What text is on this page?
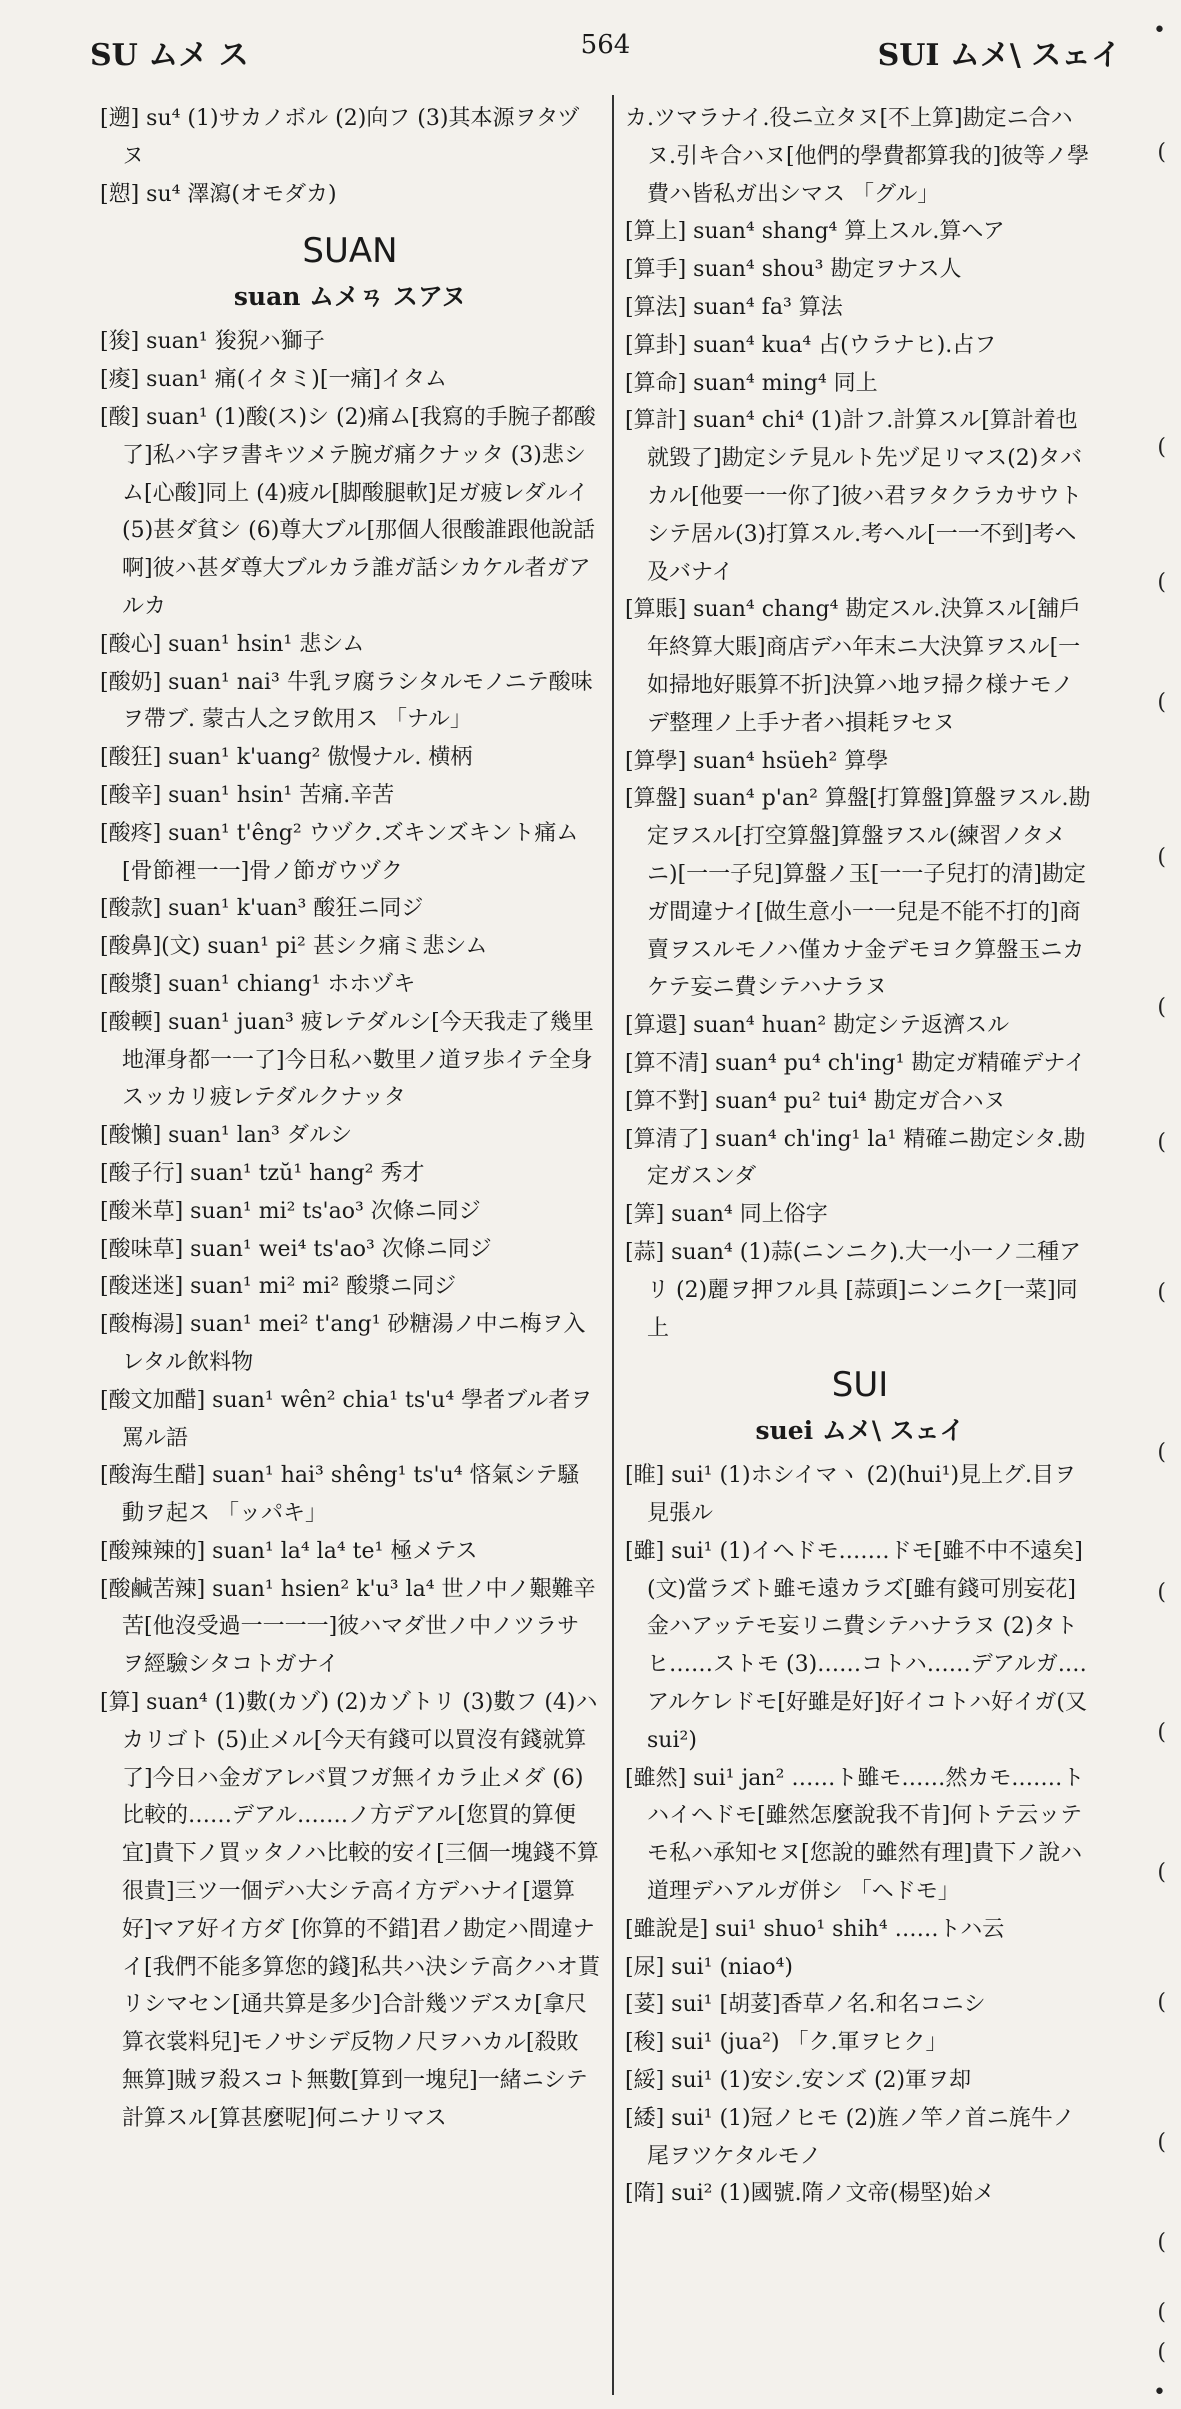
SU ムメ ス	564	SUI ムメ\ スェイ

[遡] su⁴ (1)サカノボル (2)向フ (3)其本源ヲタヅヌ

[愬] su⁴ 澤瀉(オモダカ)

SUAN
suan ムメㄢ スアヌ

[狻] suan¹ 狻猊ハ獅子

[痠] suan¹ 痛(イタミ)[一痛]イタム

[酸] suan¹ (1)酸(ス)シ (2)痛ム[我寫的手腕子都酸了]私ハ字ヲ書キツメテ腕ガ痛クナッタ (3)悲シム[心酸]同上 (4)疲ル[脚酸腿軟]足ガ疲レダルイ (5)甚ダ貧シ (6)尊大ブル[那個人很酸誰跟他說話啊]彼ハ甚ダ尊大ブルカラ誰ガ話シカケル者ガアルカ

[酸心] suan¹ hsin¹ 悲シム

[酸奶] suan¹ nai³ 牛乳ヲ腐ラシタルモノニテ酸味ヲ帶ブ. 蒙古人之ヲ飲用ス 「ナル」

[酸狂] suan¹ k'uang² 傲慢ナル. 横柄

[酸辛] suan¹ hsin¹ 苦痛.辛苦

[酸疼] suan¹ t'êng² ウヅク.ズキンズキント痛ム [骨節裡一一]骨ノ節ガウヅク

[酸款] suan¹ k'uan³ 酸狂ニ同ジ

[酸鼻](文) suan¹ pi² 甚シク痛ミ悲シム

[酸漿] suan¹ chiang¹ ホホヅキ

[酸輭] suan¹ juan³ 疲レテダルシ[今天我走了幾里地渾身都一一了]今日私ハ數里ノ道ヲ歩イテ全身スッカリ疲レテダルクナッタ

[酸懶] suan¹ lan³ ダルシ

[酸子行] suan¹ tzŭ¹ hang² 秀才

[酸米草] suan¹ mi² ts'ao³ 次條ニ同ジ

[酸味草] suan¹ wei⁴ ts'ao³ 次條ニ同ジ

[酸迷迷] suan¹ mi² mi² 酸漿ニ同ジ

[酸梅湯] suan¹ mei² t'ang¹ 砂糖湯ノ中ニ梅ヲ入レタル飲料物

[酸文加醋] suan¹ wên² chia¹ ts'u⁴ 學者ブル者ヲ罵ル語

[酸海生醋] suan¹ hai³ shêng¹ ts'u⁴ 悋氣シテ騷動ヲ起ス 「ッパキ」

[酸辣辣的] suan¹ la⁴ la⁴ te¹ 極メテス

[酸鹹苦辣] suan¹ hsien² k'u³ la⁴ 世ノ中ノ艱難辛苦[他沒受過一一一一]彼ハマダ世ノ中ノツラサヲ經驗シタコトガナイ

[算] suan⁴ (1)數(カゾ) (2)カゾトリ (3)數フ (4)ハカリゴト (5)止メル[今天有錢可以買沒有錢就算了]今日ハ金ガアレバ買フガ無イカラ止メダ (6)比較的……デアル.……ノ方デアル[您買的算便宜]貴下ノ買ッタノハ比較的安イ[三個一塊錢不算很貴]三ツ一個デハ大シテ高イ方デハナイ[還算好]マア好イ方ダ [你算的不錯]君ノ勘定ハ間違ナイ[我們不能多算您的錢]私共ハ決シテ高クハオ貰リシマセン[通共算是多少]合計幾ツデスカ[拿尺算衣裳料兒]モノサシデ反物ノ尺ヲハカル[殺敗無算]賊ヲ殺スコト無數[算到一塊兒]一緒ニシテ計算スル[算甚麼呢]何ニナリマス

カ.ツマラナイ.役ニ立タヌ[不上算]勘定ニ合ハヌ.引キ合ハヌ[他們的學費都算我的]彼等ノ學費ハ皆私ガ出シマス 「グル」

[算上] suan⁴ shang⁴ 算上スル.算ヘア

[算手] suan⁴ shou³ 勘定ヲナス人

[算法] suan⁴ fa³ 算法

[算卦] suan⁴ kua⁴ 占(ウラナヒ).占フ

[算命] suan⁴ ming⁴ 同上

[算計] suan⁴ chi⁴ (1)計フ.計算スル[算計着也就毀了]勘定シテ見ルト先ヅ足リマス(2)タバカル[他要一一你了]彼ハ君ヲタクラカサウトシテ居ル(3)打算スル.考ヘル[一一不到]考ヘ及バナイ

[算賬] suan⁴ chang⁴ 勘定スル.決算スル[舖戶年終算大賬]商店デハ年末ニ大決算ヲスル[一如掃地好賬算不折]決算ハ地ヲ掃ク様ナモノデ整理ノ上手ナ者ハ損耗ヲセヌ

[算學] suan⁴ hsüeh² 算學

[算盤] suan⁴ p'an² 算盤[打算盤]算盤ヲスル.勘定ヲスル[打空算盤]算盤ヲスル(練習ノタメニ)[一一子兒]算盤ノ玉[一一子兒打的清]勘定ガ間違ナイ[做生意小一一兒是不能不打的]商賣ヲスルモノハ僅カナ金デモヨク算盤玉ニカケテ妄ニ費シテハナラヌ

[算還] suan⁴ huan² 勘定シテ返濟スル

[算不清] suan⁴ pu⁴ ch'ing¹ 勘定ガ精確デナイ

[算不對] suan⁴ pu² tui⁴ 勘定ガ合ハヌ

[算清了] suan⁴ ch'ing¹ la¹ 精確ニ勘定シタ.勘定ガスンダ

[筭] suan⁴ 同上俗字

[蒜] suan⁴ (1)蒜(ニンニク).大一小一ノ二種アリ (2)麗ヲ押フル具 [蒜頭]ニンニク[一菜]同上

SUI
suei ムメ\ スェイ

[睢] sui¹ (1)ホシイマヽ (2)(hui¹)見上グ.目ヲ見張ル

[雖] sui¹ (1)イヘドモ.……ドモ[雖不中不遠矣](文)當ラズト雖モ遠カラズ[雖有錢可別妄花]金ハアッテモ妄リニ費シテハナラヌ (2)タトヒ……ストモ (3)……コトハ……デアルガ.…アルケレドモ[好雖是好]好イコトハ好イガ(又 sui²)

[雖然] sui¹ jan² ……ト雖モ……然カモ.……トハイヘドモ[雖然怎麼說我不肯]何トテ云ッテモ私ハ承知セヌ[您說的雖然有理]貴下ノ說ハ道理デハアルガ併シ 「ヘドモ」

[雖說是] sui¹ shuo¹ shih⁴ ……トハ云

[尿] sui¹ (niao⁴)

[荽] sui¹ [胡荽]香草ノ名.和名コニシ

[稄] sui¹ (jua²) 「ク.軍ヲヒク」

[綏] sui¹ (1)安シ.安ンズ (2)軍ヲ却

[緌] sui¹ (1)冠ノヒモ (2)旌ノ竿ノ首ニ旄牛ノ尾ヲツケタルモノ

[隋] sui² (1)國號.隋ノ文帝(楊堅)始メ

•
(
(
(
(
(
(
(
(
(
(
(
(
(
(
(
(
(
•
